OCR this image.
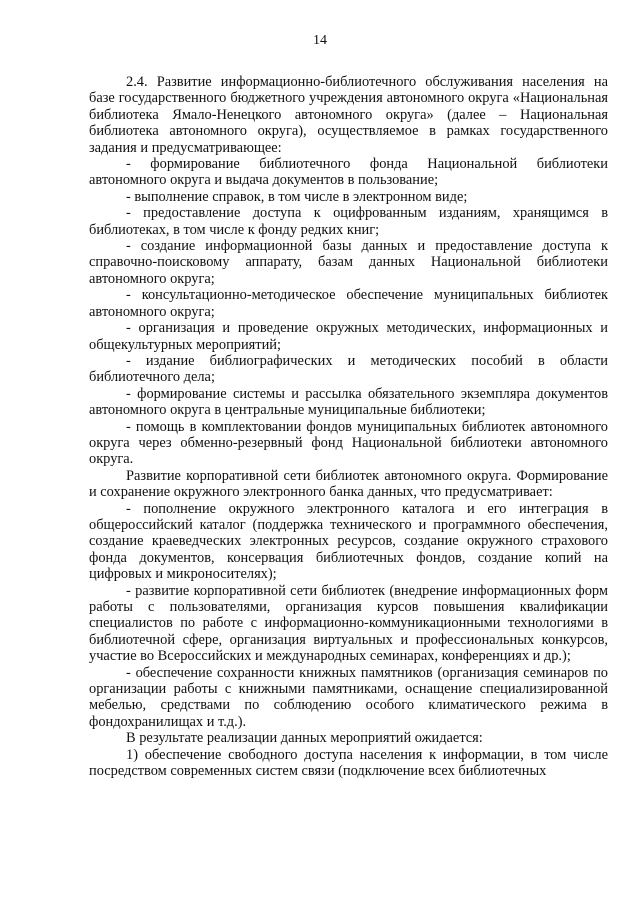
14

2.4. Развитие информационно-библиотечного обслуживания населения на базе государственного бюджетного учреждения автономного округа «Национальная библиотека Ямало-Ненецкого автономного округа» (далее – Национальная библиотека автономного округа), осуществляемое в рамках государственного задания и предусматривающее:

- формирование библиотечного фонда Национальной библиотеки автономного округа и выдача документов в пользование;

- выполнение справок, в том числе в электронном виде;

- предоставление доступа к оцифрованным изданиям, хранящимся в библиотеках, в том числе к фонду редких книг;

- создание информационной базы данных и предоставление доступа к справочно-поисковому аппарату, базам данных Национальной библиотеки автономного округа;

- консультационно-методическое обеспечение муниципальных библиотек автономного округа;

- организация и проведение окружных методических, информационных и общекультурных мероприятий;

- издание библиографических и методических пособий в области библиотечного дела;

- формирование системы и рассылка обязательного экземпляра документов автономного округа в центральные муниципальные библиотеки;

- помощь в комплектовании фондов муниципальных библиотек автономного округа через обменно-резервный фонд Национальной библиотеки автономного округа.

Развитие корпоративной сети библиотек автономного округа. Формирование и сохранение окружного электронного банка данных, что предусматривает:

- пополнение окружного электронного каталога и его интеграция в общероссийский каталог (поддержка технического и программного обеспечения, создание краеведческих электронных ресурсов, создание окружного страхового фонда документов, консервация библиотечных фондов, создание копий на цифровых и микроносителях);

- развитие корпоративной сети библиотек (внедрение информационных форм работы с пользователями, организация курсов повышения квалификации специалистов по работе с информационно-коммуникационными технологиями в библиотечной сфере, организация виртуальных и профессиональных конкурсов, участие во Всероссийских и международных семинарах, конференциях и др.);

- обеспечение сохранности книжных памятников (организация семинаров по организации работы с книжными памятниками, оснащение специализированной мебелью, средствами по соблюдению особого климатического режима в фондохранилищах и т.д.).

В результате реализации данных мероприятий ожидается:

1) обеспечение свободного доступа населения к информации, в том числе посредством современных систем связи (подключение всех библиотечных
